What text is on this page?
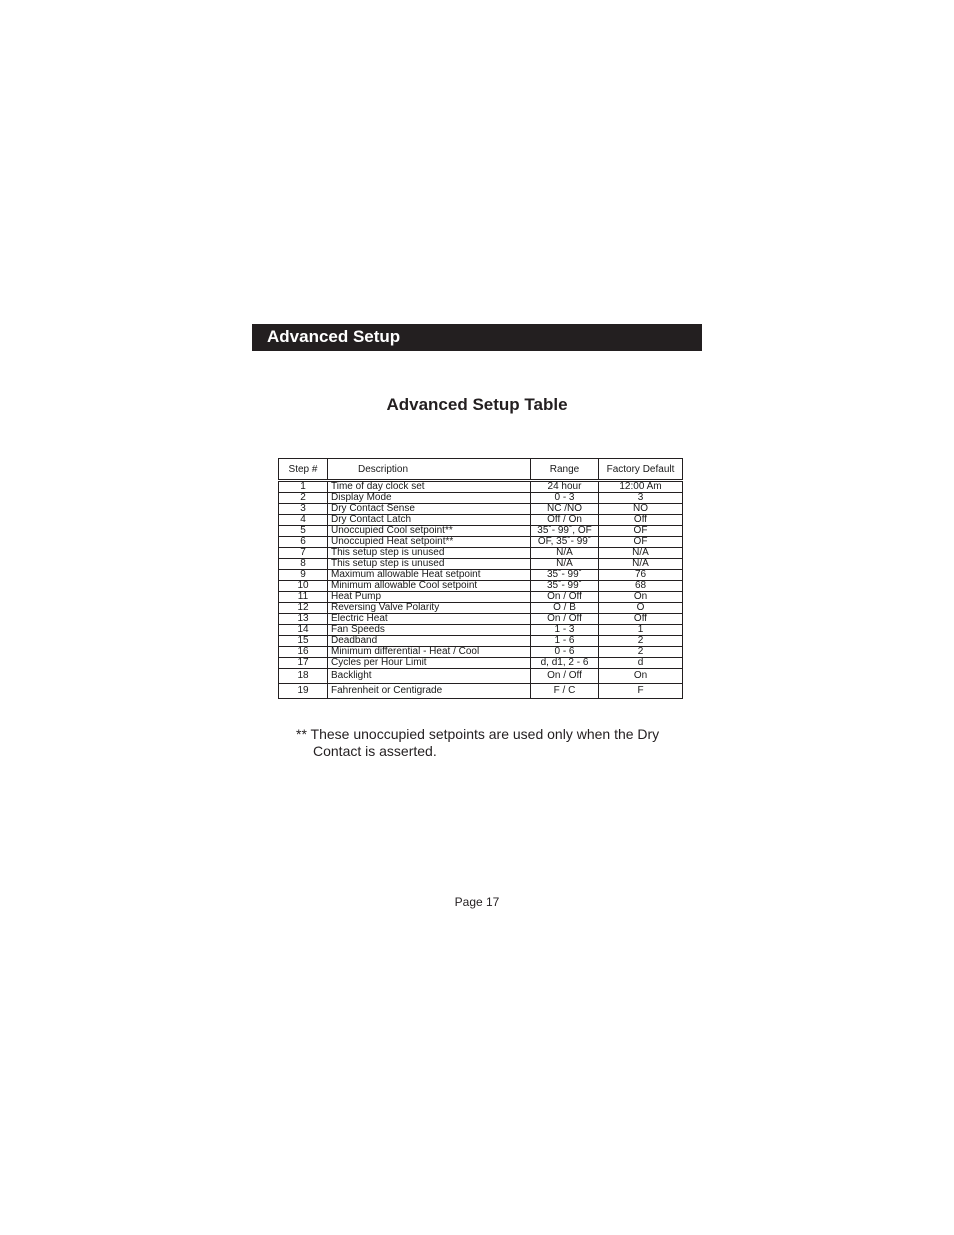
Advanced Setup
Advanced Setup Table
Step #	Description	Range	Factory Default
1	Time of day clock set	24 hour	12:00 Am
2	Display Mode	0 - 3	3
3	Dry Contact Sense	NC /NO	NO
4	Dry Contact Latch	Off / On	Off
5	Unoccupied Cool setpoint**	35˚- 99˚, OF	OF
6	Unoccupied Heat setpoint**	OF, 35˚- 99˚	OF
7	This setup step is unused	N/A	N/A
8	This setup step is unused	N/A	N/A
9	Maximum allowable Heat setpoint	35˚- 99˚	76
10	Minimum allowable Cool setpoint	35˚- 99˚	68
11	Heat Pump	On / Off	On
12	Reversing Valve Polarity	O / B	O
13	Electric Heat	On / Off	Off
14	Fan Speeds	1 - 3	1
15	Deadband	1 - 6	2
16	Minimum differential - Heat / Cool	0 - 6	2
17	Cycles per Hour Limit	d, d1, 2 - 6	d
18	Backlight	On / Off	On
19	Fahrenheit or Centigrade	F / C	F
** These unoccupied setpoints are used only when the Dry
Contact is asserted.
Page 17
